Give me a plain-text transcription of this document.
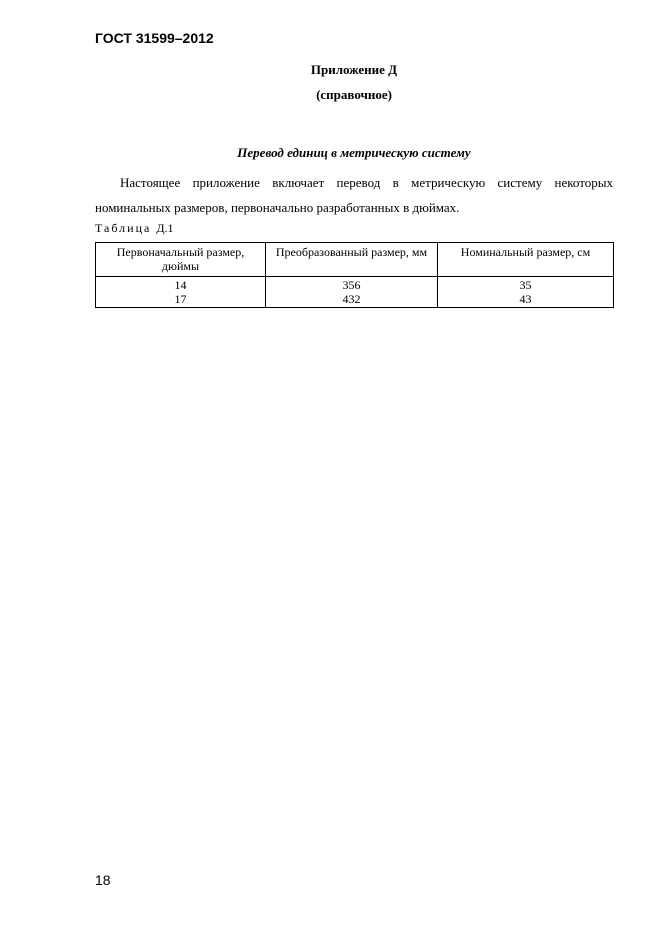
ГОСТ 31599–2012
Приложение Д
(справочное)
Перевод единиц в метрическую систему
Настоящее приложение включает перевод в метрическую систему некоторых номинальных размеров, первоначально разработанных в дюймах.
Таблица Д.1
Первоначальный размер, дюймы	Преобразованный размер, мм	Номинальный размер, см
14	356	35
17	432	43
18
